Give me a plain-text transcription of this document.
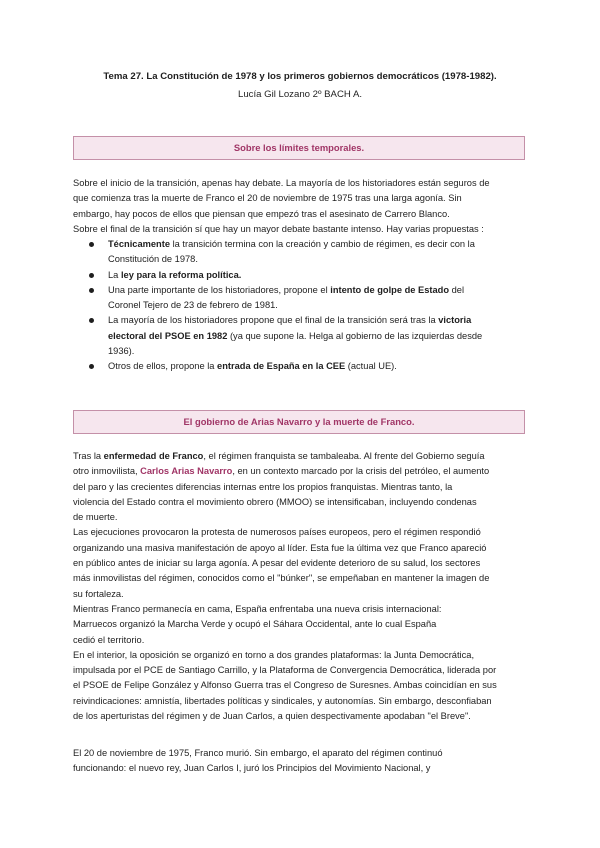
Tema 27. La Constitución de 1978 y los primeros gobiernos democráticos (1978-1982).
Lucía Gil Lozano 2º BACH A.
Sobre los límites temporales.
Sobre el inicio de la transición, apenas hay debate. La mayoría de los historiadores están seguros de
que comienza tras la muerte de Franco el 20 de noviembre de 1975 tras una larga agonía. Sin
embargo, hay pocos de ellos que piensan que empezó tras el asesinato de Carrero Blanco.
Sobre el final de la transición sí que hay un mayor debate bastante intenso. Hay varias propuestas :
Técnicamente la transición termina con la creación y cambio de régimen, es decir con la
Constitución de 1978.
La ley para la reforma política.
Una parte importante de los historiadores, propone el intento de golpe de Estado del
Coronel Tejero de 23 de febrero de 1981.
La mayoría de los historiadores propone que el final de la transición será tras la victoria
electoral del PSOE en 1982 (ya que supone la. Helga al gobierno de las izquierdas desde
1936).
Otros de ellos, propone la entrada de España en la CEE (actual UE).
El gobierno de Arias Navarro y la muerte de Franco.
Tras la enfermedad de Franco, el régimen franquista se tambaleaba. Al frente del Gobierno seguía
otro inmovilista, Carlos Arias Navarro, en un contexto marcado por la crisis del petróleo, el aumento
del paro y las crecientes diferencias internas entre los propios franquistas. Mientras tanto, la
violencia del Estado contra el movimiento obrero (MMOO) se intensificaban, incluyendo condenas
de muerte.
Las ejecuciones provocaron la protesta de numerosos países europeos, pero el régimen respondió
organizando una masiva manifestación de apoyo al líder. Esta fue la última vez que Franco apareció
en público antes de iniciar su larga agonía. A pesar del evidente deterioro de su salud, los sectores
más inmovilistas del régimen, conocidos como el "búnker", se empeñaban en mantener la imagen de
su fortaleza.
Mientras Franco permanecía en cama, España enfrentaba una nueva crisis internacional:
Marruecos organizó la Marcha Verde y ocupó el Sáhara Occidental, ante lo cual España
cedió el territorio.
En el interior, la oposición se organizó en torno a dos grandes plataformas: la Junta Democrática,
impulsada por el PCE de Santiago Carrillo, y la Plataforma de Convergencia Democrática, liderada por
el PSOE de Felipe González y Alfonso Guerra tras el Congreso de Suresnes. Ambas coincidían en sus
reivindicaciones: amnistía, libertades políticas y sindicales, y autonomías. Sin embargo, desconfiaban
de los aperturistas del régimen y de Juan Carlos, a quien despectivamente apodaban "el Breve".
El 20 de noviembre de 1975, Franco murió. Sin embargo, el aparato del régimen continuó
funcionando: el nuevo rey, Juan Carlos I, juró los Principios del Movimiento Nacional, y
